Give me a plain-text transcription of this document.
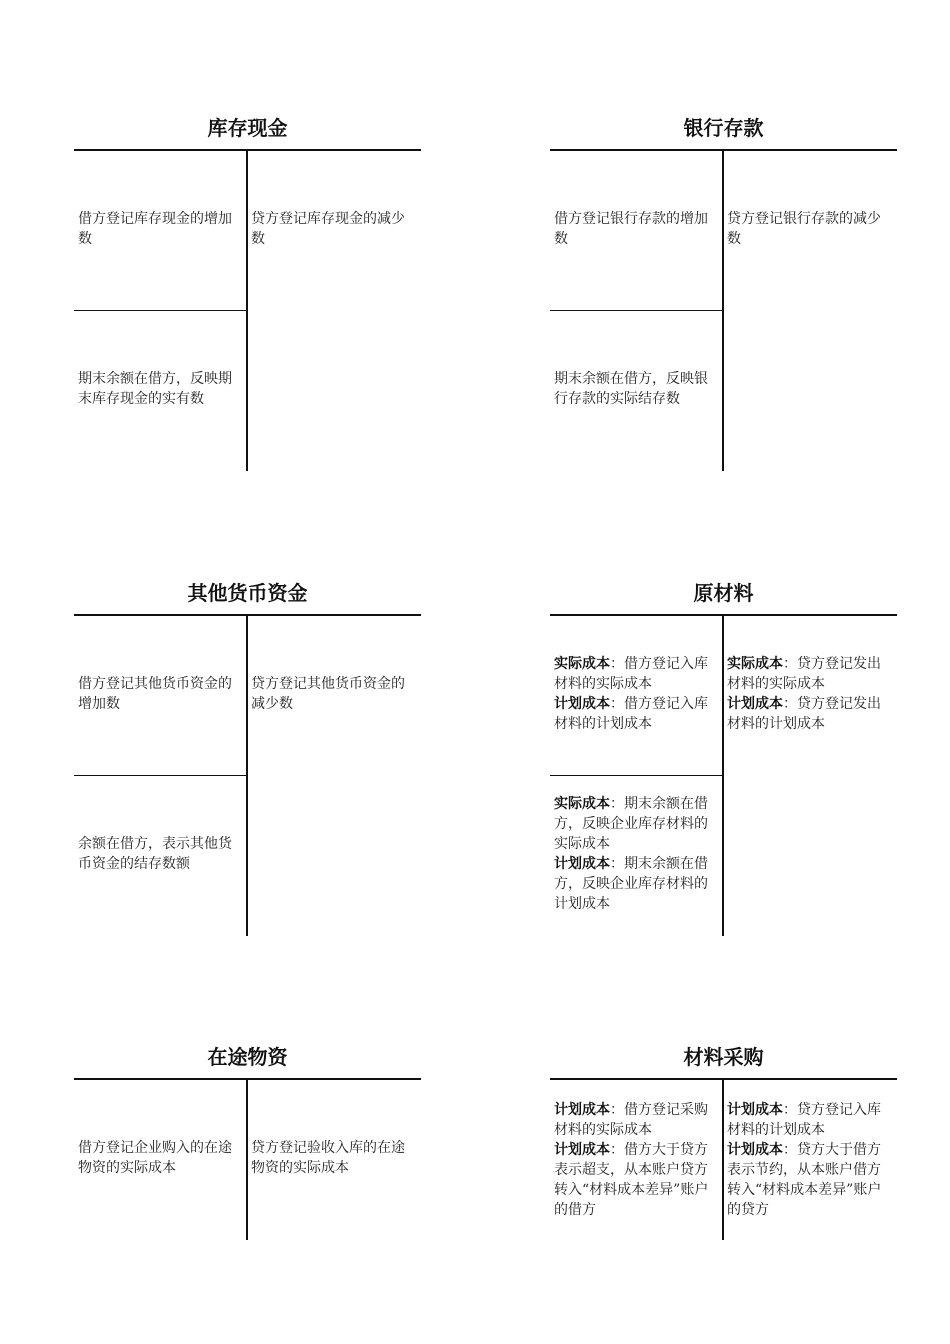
库存现金
借方登记库存现金的增加数
贷方登记库存现金的减少数
期末余额在借方，反映期末库存现金的实有数
银行存款
借方登记银行存款的增加数
贷方登记银行存款的减少数
期末余额在借方，反映银行存款的实际结存数
其他货币资金
借方登记其他货币资金的增加数
贷方登记其他货币资金的减少数
余额在借方，表示其他货币资金的结存数额
原材料
实际成本：借方登记入库材料的实际成本
计划成本：借方登记入库材料的计划成本
实际成本：贷方登记发出材料的实际成本
计划成本：贷方登记发出材料的计划成本
实际成本：期末余额在借方，反映企业库存材料的实际成本
计划成本：期末余额在借方，反映企业库存材料的计划成本
在途物资
借方登记企业购入的在途物资的实际成本
贷方登记验收入库的在途物资的实际成本
材料采购
计划成本：借方登记采购材料的实际成本
计划成本：借方大于贷方表示超支，从本账户贷方转入“材料成本差异”账户的借方
计划成本：贷方登记入库材料的计划成本
计划成本：贷方大于借方表示节约，从本账户借方转入“材料成本差异”账户的贷方
